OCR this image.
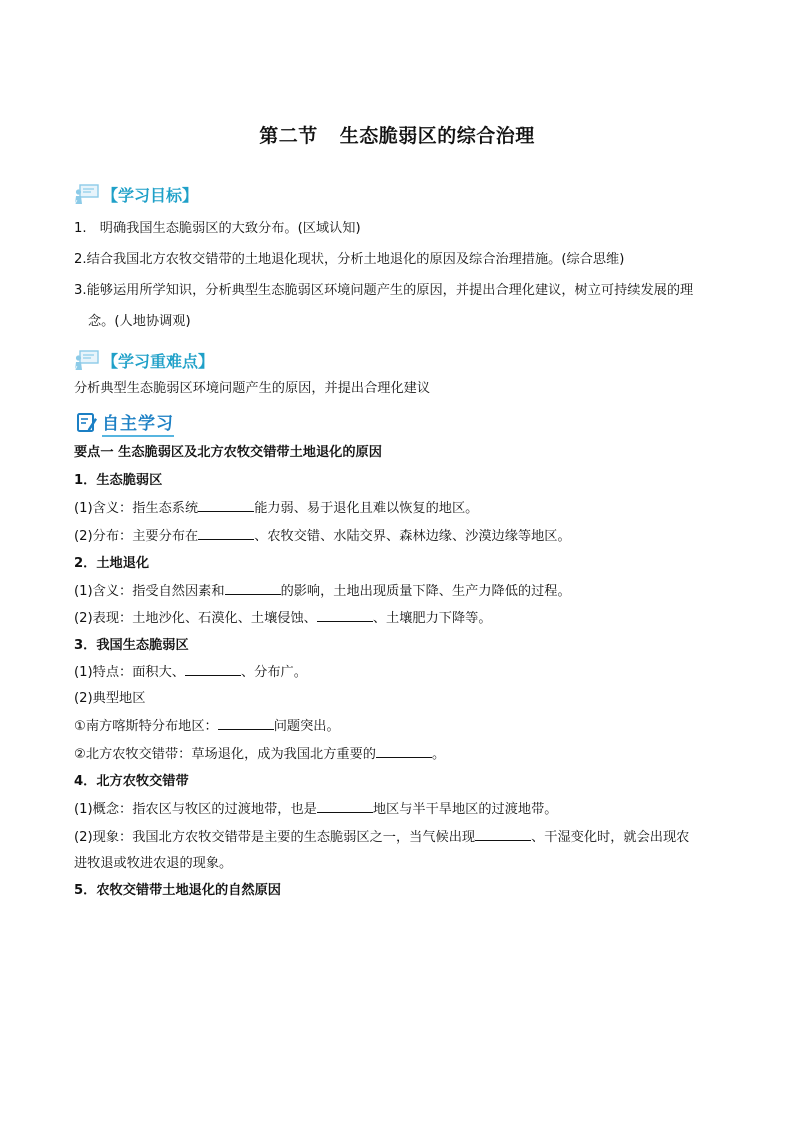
第二节 生态脆弱区的综合治理
【学习目标】
1.　明确我国生态脆弱区的大致分布。(区域认知)
2.结合我国北方农牧交错带的土地退化现状，分析土地退化的原因及综合治理措施。(综合思维)
3.能够运用所学知识，分析典型生态脆弱区环境问题产生的原因，并提出合理化建议，树立可持续发展的理
念。(人地协调观)
【学习重难点】
分析典型生态脆弱区环境问题产生的原因，并提出合理化建议
自主学习
要点一 生态脆弱区及北方农牧交错带土地退化的原因
1．生态脆弱区
(1)含义：指生态系统	能力弱、易于退化且难以恢复的地区。
(2)分布：主要分布在	、农牧交错、水陆交界、森林边缘、沙漠边缘等地区。
2．土地退化
(1)含义：指受自然因素和	的影响，土地出现质量下降、生产力降低的过程。
(2)表现：土地沙化、石漠化、土壤侵蚀、	、土壤肥力下降等。
3．我国生态脆弱区
(1)特点：面积大、	、分布广。
(2)典型地区
①南方喀斯特分布地区：	问题突出。
②北方农牧交错带：草场退化，成为我国北方重要的	。
4．北方农牧交错带
(1)概念：指农区与牧区的过渡地带，也是	地区与半干旱地区的过渡地带。
(2)现象：我国北方农牧交错带是主要的生态脆弱区之一，当气候出现	、干湿变化时，就会出现农
进牧退或牧进农退的现象。
5．农牧交错带土地退化的自然原因
